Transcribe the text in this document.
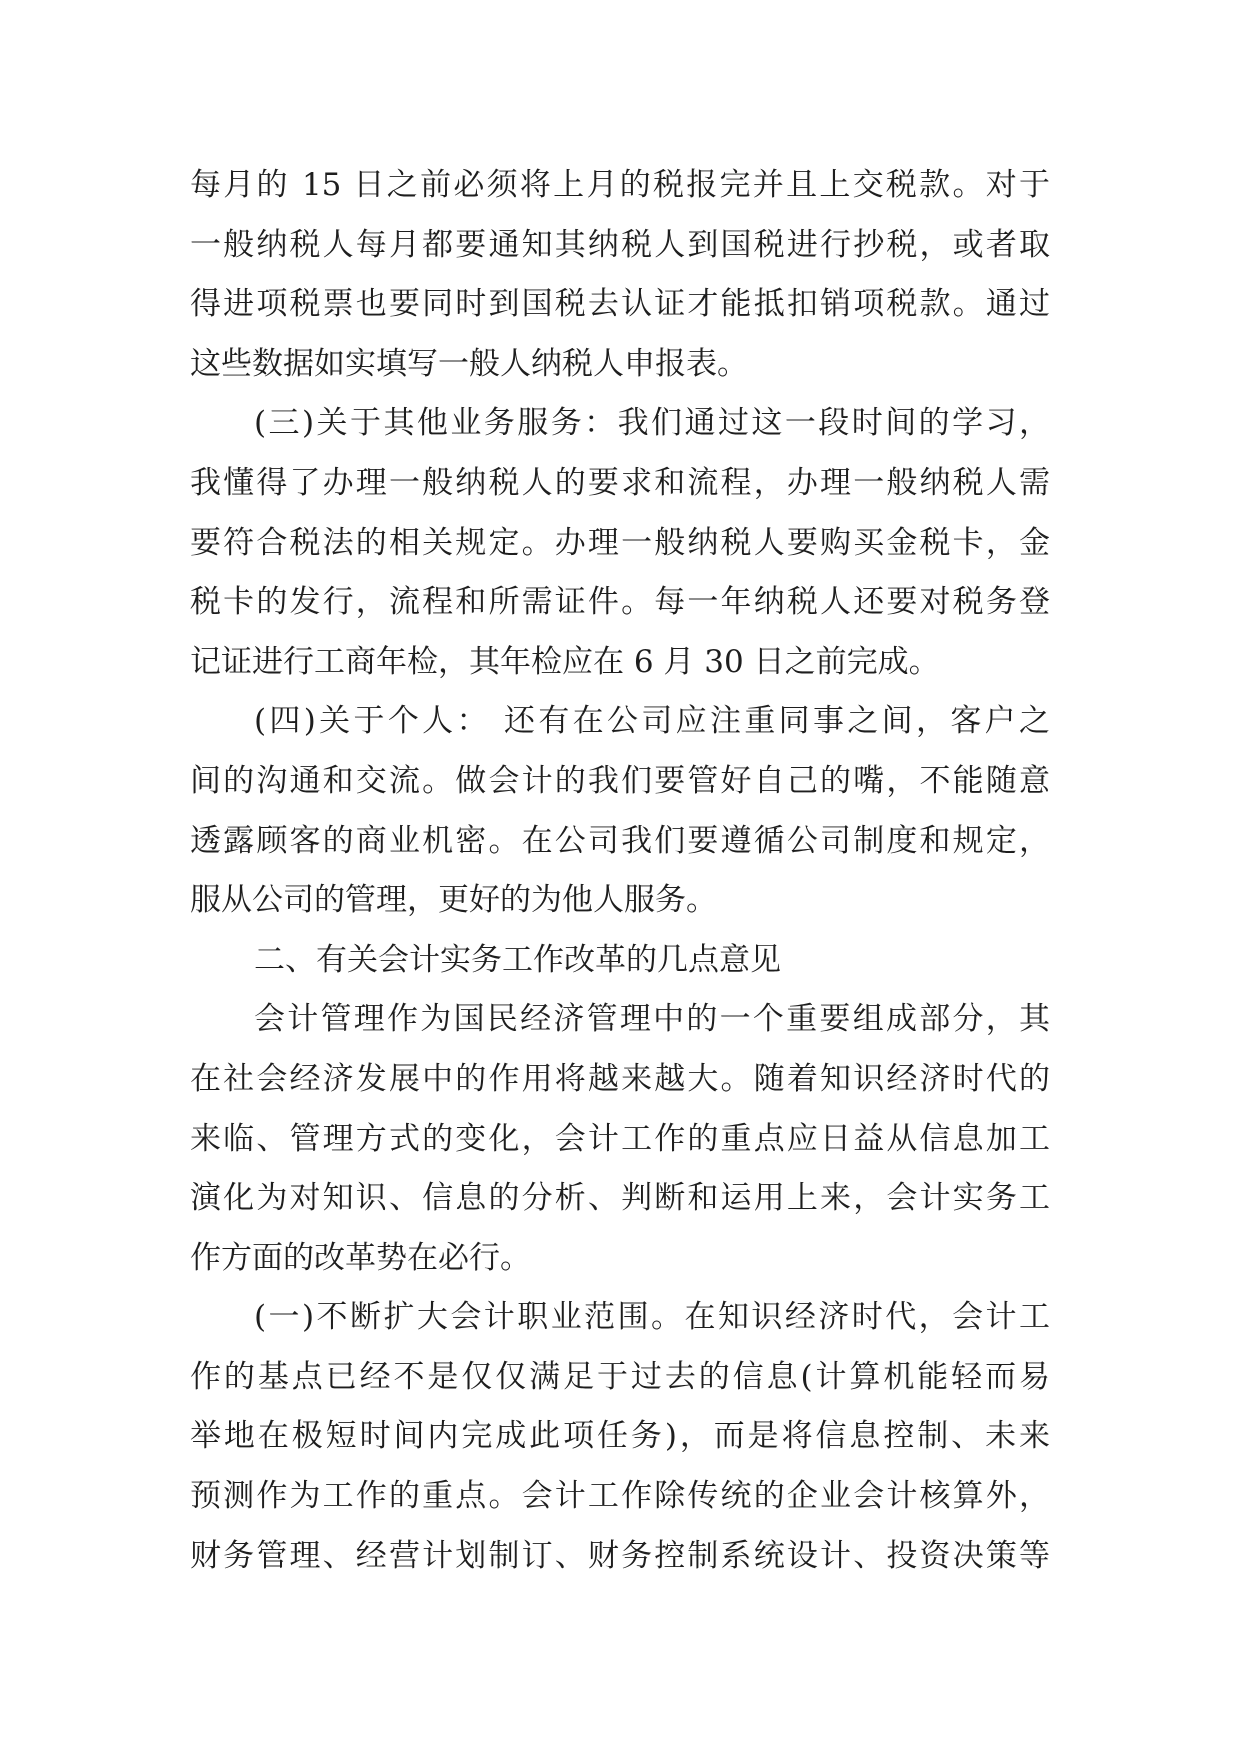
每月的 15 日之前必须将上月的税报完并且上交税款。对于
一般纳税人每月都要通知其纳税人到国税进行抄税，或者取
得进项税票也要同时到国税去认证才能抵扣销项税款。通过
这些数据如实填写一般人纳税人申报表。
(三)关于其他业务服务：我们通过这一段时间的学习，
我懂得了办理一般纳税人的要求和流程，办理一般纳税人需
要符合税法的相关规定。办理一般纳税人要购买金税卡，金
税卡的发行，流程和所需证件。每一年纳税人还要对税务登
记证进行工商年检，其年检应在 6 月 30 日之前完成。
(四)关于个人： 还有在公司应注重同事之间，客户之
间的沟通和交流。做会计的我们要管好自己的嘴，不能随意
透露顾客的商业机密。在公司我们要遵循公司制度和规定，
服从公司的管理，更好的为他人服务。
二、有关会计实务工作改革的几点意见
会计管理作为国民经济管理中的一个重要组成部分，其
在社会经济发展中的作用将越来越大。随着知识经济时代的
来临、管理方式的变化，会计工作的重点应日益从信息加工
演化为对知识、信息的分析、判断和运用上来，会计实务工
作方面的改革势在必行。
(一)不断扩大会计职业范围。在知识经济时代，会计工
作的基点已经不是仅仅满足于过去的信息(计算机能轻而易
举地在极短时间内完成此项任务)，而是将信息控制、未来
预测作为工作的重点。会计工作除传统的企业会计核算外，
财务管理、经营计划制订、财务控制系统设计、投资决策等
